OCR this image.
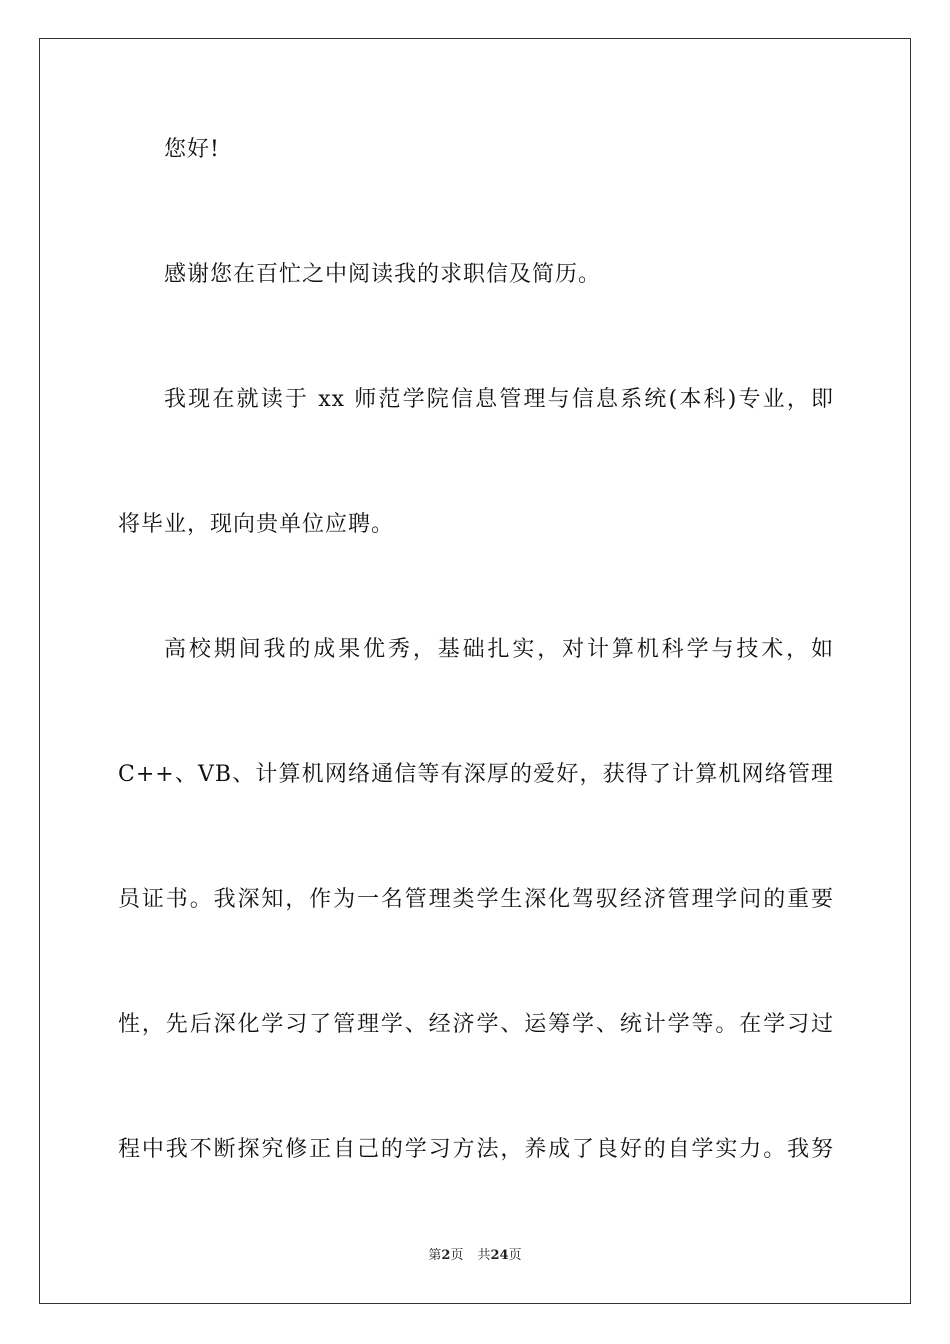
您好!
感谢您在百忙之中阅读我的求职信及简历。
我现在就读于 xx 师范学院信息管理与信息系统(本科)专业，即
将毕业，现向贵单位应聘。
高校期间我的成果优秀，基础扎实，对计算机科学与技术，如
C++、VB、计算机网络通信等有深厚的爱好，获得了计算机网络管理
员证书。我深知，作为一名管理类学生深化驾驭经济管理学问的重要
性，先后深化学习了管理学、经济学、运筹学、统计学等。在学习过
程中我不断探究修正自己的学习方法，养成了良好的自学实力。我努
第2页 共24页
